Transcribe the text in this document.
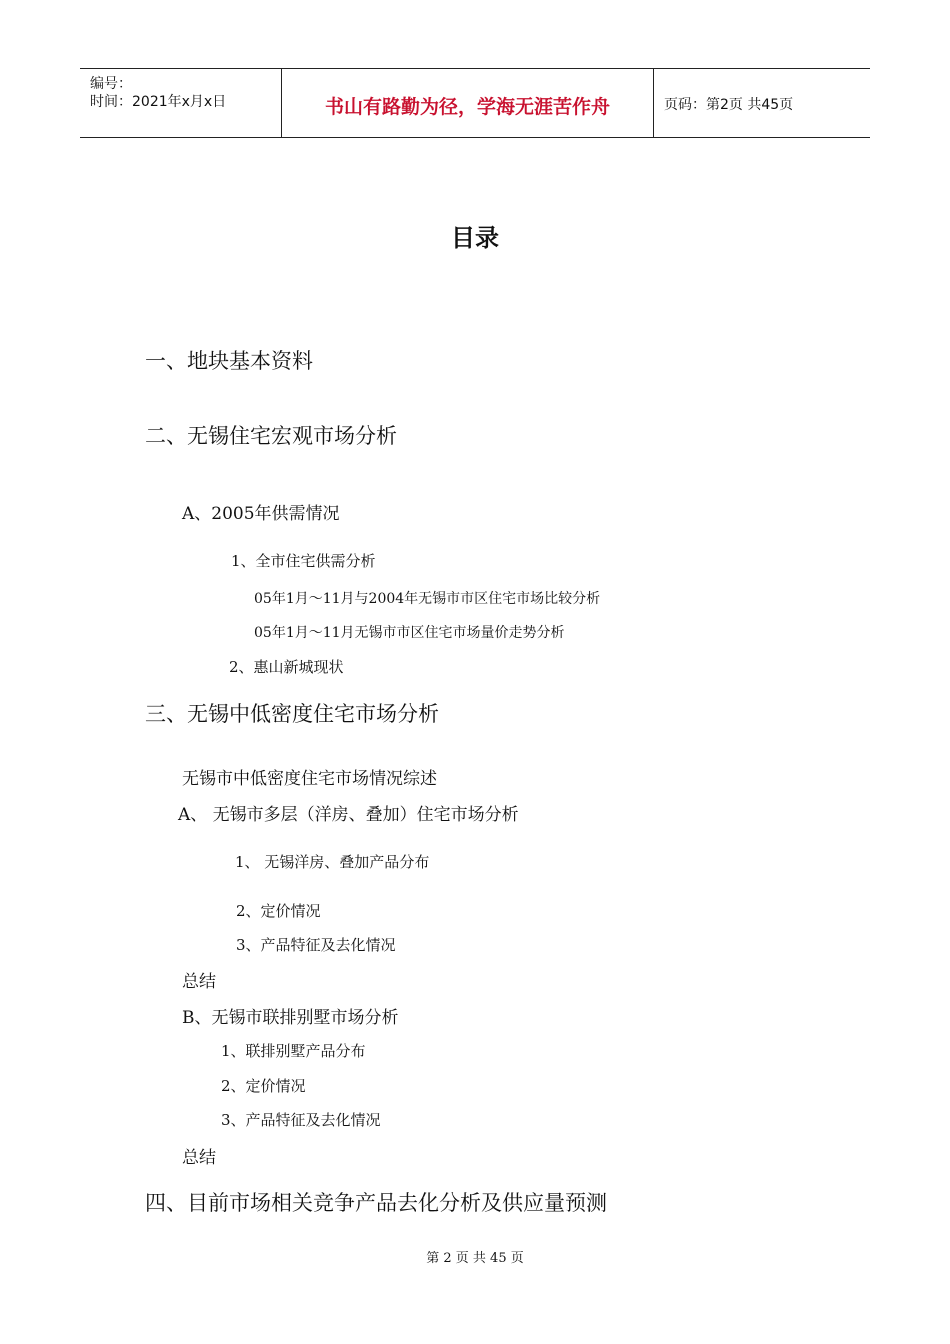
编号：
时间：2021年x月x日	书山有路勤为径，学海无涯苦作舟	页码：第2页 共45页
目录
一、地块基本资料
二、无锡住宅宏观市场分析
A、2005年供需情况
1、全市住宅供需分析
05年1月～11月与2004年无锡市市区住宅市场比较分析
05年1月～11月无锡市市区住宅市场量价走势分析
2、惠山新城现状
三、无锡中低密度住宅市场分析
无锡市中低密度住宅市场情况综述
A、 无锡市多层（洋房、叠加）住宅市场分析
1、 无锡洋房、叠加产品分布
2、定价情况
3、产品特征及去化情况
总结
B、无锡市联排别墅市场分析
1、联排别墅产品分布
2、定价情况
3、产品特征及去化情况
总结
四、目前市场相关竞争产品去化分析及供应量预测
第 2 页 共 45 页
